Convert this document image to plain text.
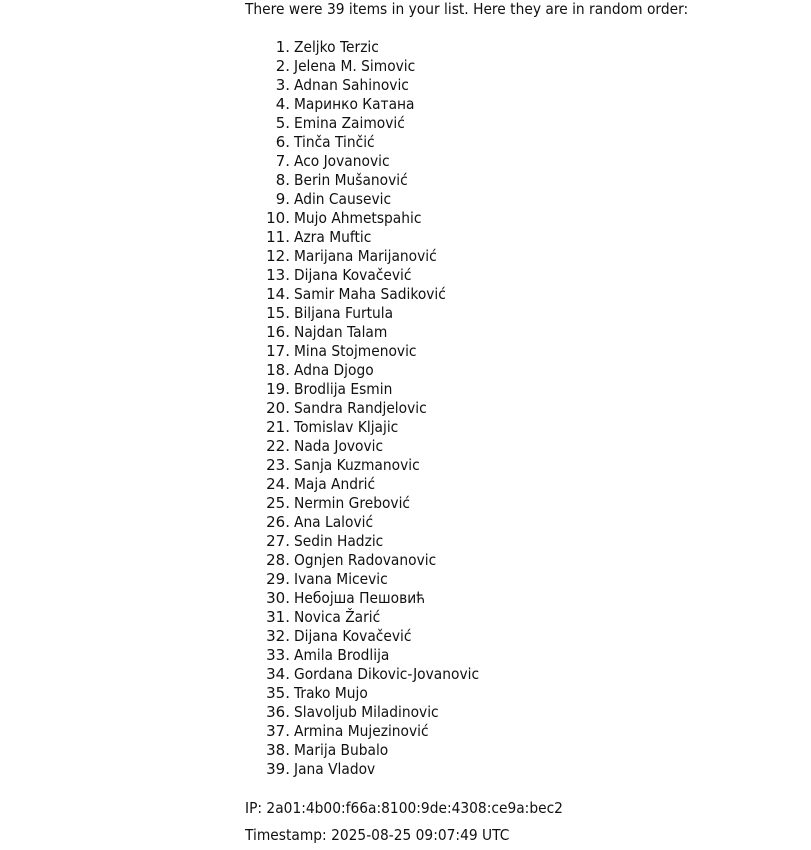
There were 39 items in your list. Here they are in random order:

1. Zeljko Terzic
2. Jelena M. Simovic
3. Adnan Sahinovic
4. Маринко Катана
5. Emina Zaimović
6. Tinča Tinčić
7. Aco Jovanovic
8. Berin Mušanović
9. Adin Causevic
10. Mujo Ahmetspahic
11. Azra Muftic
12. Marijana Marijanović
13. Dijana Kovačević
14. Samir Maha Sadiković
15. Biljana Furtula
16. Najdan Talam
17. Mina Stojmenovic
18. Adna Djogo
19. Brodlija Esmin
20. Sandra Randjelovic
21. Tomislav Kljajic
22. Nada Jovovic
23. Sanja Kuzmanovic
24. Maja Andrić
25. Nermin Grebović
26. Ana Lalović
27. Sedin Hadzic
28. Ognjen Radovanovic
29. Ivana Micevic
30. Небојша Пешовић
31. Novica Žarić
32. Dijana Kovačević
33. Amila Brodlija
34. Gordana Dikovic-Jovanovic
35. Trako Mujo
36. Slavoljub Miladinovic
37. Armina Mujezinović
38. Marija Bubalo
39. Jana Vladov
IP: 2a01:4b00:f66a:8100:9de:4308:ce9a:bec2
Timestamp: 2025-08-25 09:07:49 UTC
